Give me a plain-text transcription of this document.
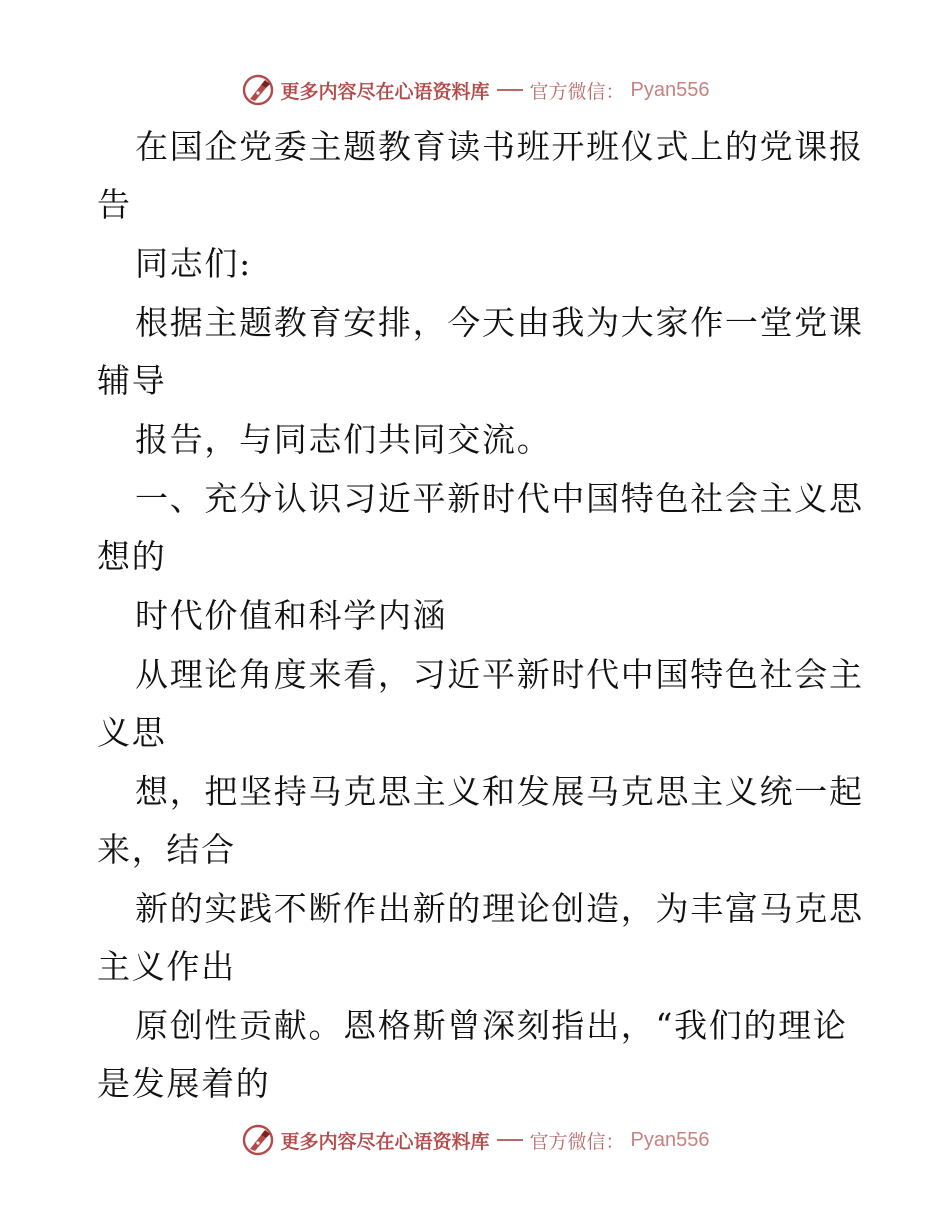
更多内容尽在心语资料库 官方微信： Pyan556
在国企党委主题教育读书班开班仪式上的党课报
告
同志们:
根据主题教育安排，今天由我为大家作一堂党课
辅导
报告，与同志们共同交流。
一、充分认识习近平新时代中国特色社会主义思
想的
时代价值和科学内涵
从理论角度来看，习近平新时代中国特色社会主
义思
想，把坚持马克思主义和发展马克思主义统一起
来，结合
新的实践不断作出新的理论创造，为丰富马克思
主义作出
原创性贡献。恩格斯曾深刻指出，“我们的理论
是发展着的
更多内容尽在心语资料库 官方微信： Pyan556
